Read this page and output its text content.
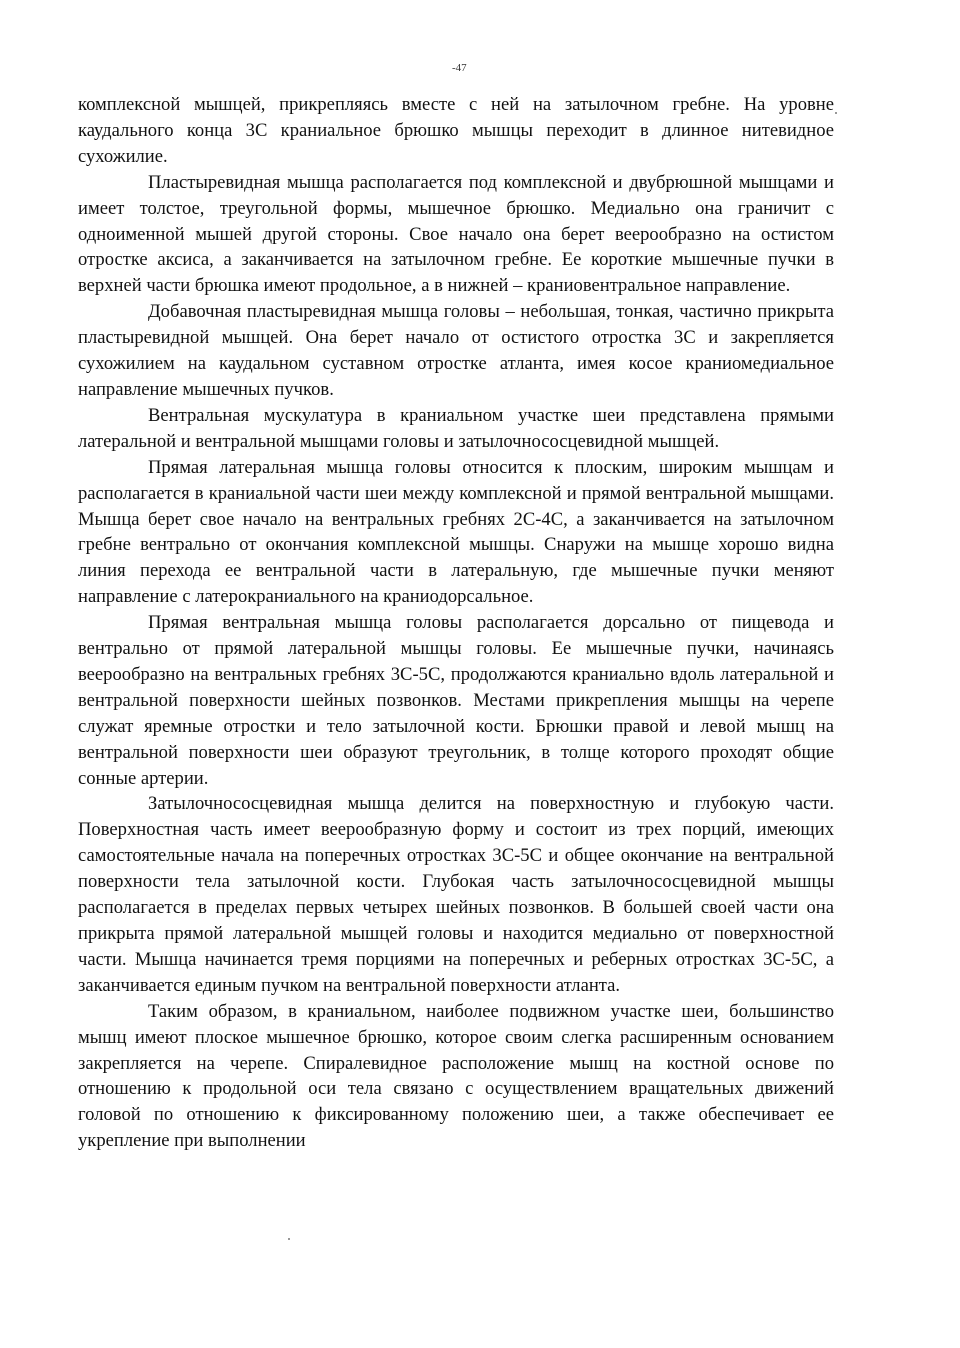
-47

комплексной мышцей, прикрепляясь вместе с ней на затылочном гребне. На уровне каудального конца 3С краниальное брюшко мышцы переходит в длинное нитевидное сухожилие.

Пластыревидная мышца располагается под комплексной и двубрюшной мышцами и имеет толстое, треугольной формы, мышечное брюшко. Медиально она граничит с одноименной мышей другой стороны. Свое начало она берет веерообразно на остистом отростке аксиса, а заканчивается на затылочном гребне. Ее короткие мышечные пучки в верхней части брюшка имеют продольное, а в нижней – краниовентральное направление.

Добавочная пластыревидная мышца головы – небольшая, тонкая, частично прикрыта пластыревидной мышцей. Она берет начало от остистого отростка 3С и закрепляется сухожилием на каудальном суставном отростке атланта, имея косое краниомедиальное направление мышечных пучков.

Вентральная мускулатура в краниальном участке шеи представлена прямыми латеральной и вентральной мышцами головы и затылочнососцевидной мышцей.

Прямая латеральная мышца головы относится к плоским, широким мышцам и располагается в краниальной части шеи между комплексной и прямой вентральной мышцами. Мышца берет свое начало на вентральных гребнях 2С-4С, а заканчивается на затылочном гребне вентрально от окончания комплексной мышцы. Снаружи на мышце хорошо видна линия перехода ее вентральной части в латеральную, где мышечные пучки меняют направление с латерокраниального на краниодорсальное.

Прямая вентральная мышца головы располагается дорсально от пищевода и вентрально от прямой латеральной мышцы головы. Ее мышечные пучки, начинаясь веерообразно на вентральных гребнях 3С-5С, продолжаются краниально вдоль латеральной и вентральной поверхности шейных позвонков. Местами прикрепления мышцы на черепе служат яремные отростки и тело затылочной кости. Брюшки правой и левой мышц на вентральной поверхности шеи образуют треугольник, в толще которого проходят общие сонные артерии.

Затылочнососцевидная мышца делится на поверхностную и глубокую части. Поверхностная часть имеет веерообразную форму и состоит из трех порций, имеющих самостоятельные начала на поперечных отростках 3С-5С и общее окончание на вентральной поверхности тела затылочной кости. Глубокая часть затылочнососцевидной мышцы располагается в пределах первых четырех шейных позвонков. В большей своей части она прикрыта прямой латеральной мышцей головы и находится медиально от поверхностной части. Мышца начинается тремя порциями на поперечных и реберных отростках 3С-5С, а заканчивается единым пучком на вентральной поверхности атланта.

Таким образом, в краниальном, наиболее подвижном участке шеи, большинство мышц имеют плоское мышечное брюшко, которое своим слегка расширенным основанием закрепляется на черепе. Спиралевидное расположение мышц на костной основе по отношению к продольной оси тела связано с осуществлением вращательных движений головой по отношению к фиксированному положению шеи, а также обеспечивает ее укрепление при выполнении
